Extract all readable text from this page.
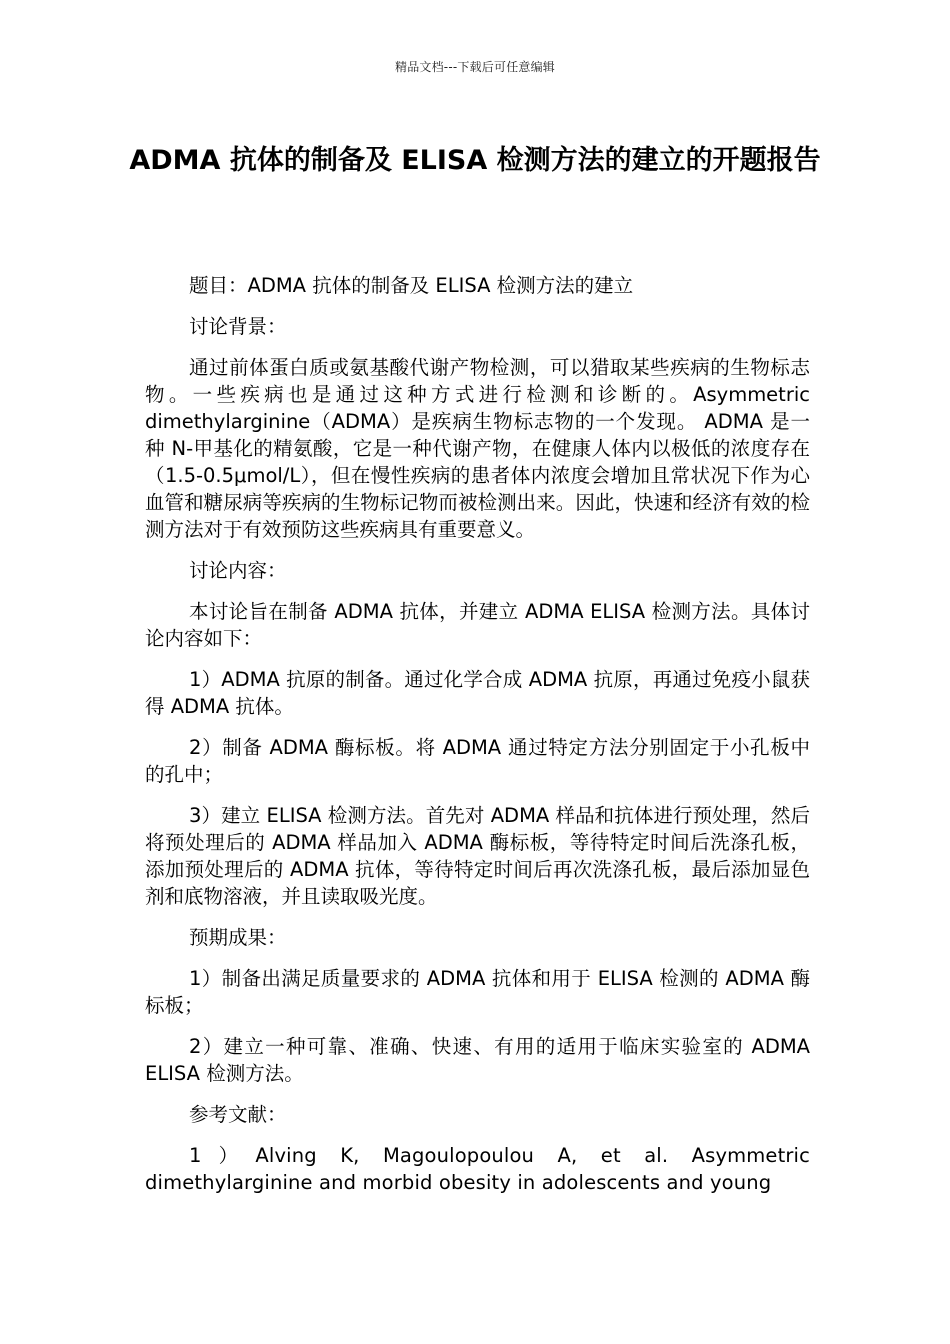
精品文档---下载后可任意编辑
ADMA 抗体的制备及 ELISA 检测方法的建立的开题报告

题目：ADMA 抗体的制备及 ELISA 检测方法的建立

讨论背景：

通过前体蛋白质或氨基酸代谢产物检测，可以猎取某些疾病的生物标志物。一些疾病也是通过这种方式进行检测和诊断的。Asymmetric dimethylarginine（ADMA）是疾病生物标志物的一个发现。 ADMA 是一种 N-甲基化的精氨酸，它是一种代谢产物，在健康人体内以极低的浓度存在（1.5-0.5μmol/L），但在慢性疾病的患者体内浓度会增加且常状况下作为心血管和糖尿病等疾病的生物标记物而被检测出来。因此，快速和经济有效的检测方法对于有效预防这些疾病具有重要意义。

讨论内容：

本讨论旨在制备 ADMA 抗体，并建立 ADMA ELISA 检测方法。具体讨论内容如下：

1）ADMA 抗原的制备。通过化学合成 ADMA 抗原，再通过免疫小鼠获得 ADMA 抗体。

2）制备 ADMA 酶标板。将 ADMA 通过特定方法分别固定于小孔板中的孔中；

3）建立 ELISA 检测方法。首先对 ADMA 样品和抗体进行预处理，然后将预处理后的 ADMA 样品加入 ADMA 酶标板，等待特定时间后洗涤孔板，添加预处理后的 ADMA 抗体，等待特定时间后再次洗涤孔板，最后添加显色剂和底物溶液，并且读取吸光度。

预期成果：

1）制备出满足质量要求的 ADMA 抗体和用于 ELISA 检测的 ADMA 酶标板；

2）建立一种可靠、准确、快速、有用的适用于临床实验室的 ADMA ELISA 检测方法。

参考文献：

1）Alving K, Magoulopoulou A, et al. Asymmetric dimethylarginine and morbid obesity in adolescents and young
